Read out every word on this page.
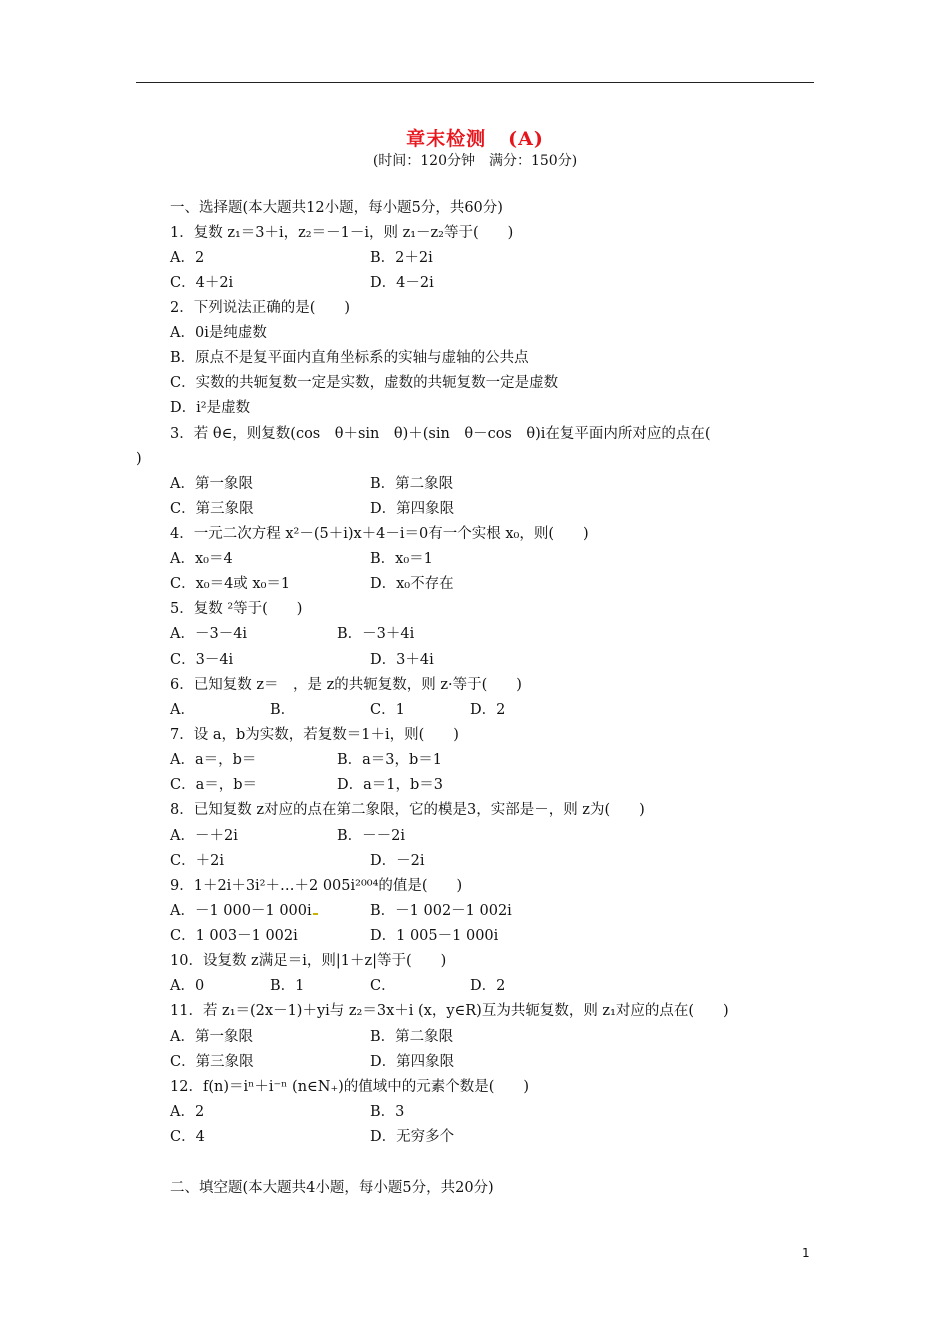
章末检测 (A)
(时间：120分钟　满分：150分)
一、选择题(本大题共12小题，每小题5分，共60分)
1．复数 z₁＝3＋i，z₂＝－1－i，则 z₁－z₂等于(　　)
A．2	B．2＋2i
C．4＋2i	D．4－2i
2．下列说法正确的是(　　)
A．0i是纯虚数
B．原点不是复平面内直角坐标系的实轴与虚轴的公共点
C．实数的共轭复数一定是实数，虚数的共轭复数一定是虚数
D．i²是虚数
3．若 θ∈，则复数(cos　θ＋sin　θ)＋(sin　θ－cos　θ)i在复平面内所对应的点在(
)
A．第一象限	B．第二象限
C．第三象限	D．第四象限
4．一元二次方程 x²－(5＋i)x＋4－i＝0有一个实根 x₀，则(　　)
A．x₀＝4	B．x₀＝1
C．x₀＝4或 x₀＝1	D．x₀不存在
5．复数 ²等于(　　)
A．－3－4i	B．－3＋4i
C．3－4i	D．3＋4i
6．已知复数 z＝　，是 z的共轭复数，则 z·等于(　　)
A．	B．	C．1	D．2
7．设 a，b为实数，若复数＝1＋i，则(　　)
A．a＝，b＝	B．a＝3，b＝1
C．a＝，b＝	D．a＝1，b＝3
8．已知复数 z对应的点在第二象限，它的模是3，实部是－，则 z为(　　)
A．－＋2i	B．－－2i
C．＋2i	D．－2i
9．1＋2i＋3i²＋…＋2 005i²⁰⁰⁴的值是(　　)
A．－1 000－1 000i	B．－1 002－1 002i
C．1 003－1 002i	D．1 005－1 000i
10．设复数 z满足＝i，则|1＋z|等于(　　)
A．0	B．1	C．	D．2
11．若 z₁＝(2x－1)＋yi与 z₂＝3x＋i (x，y∈R)互为共轭复数，则 z₁对应的点在(　　)
A．第一象限	B．第二象限
C．第三象限	D．第四象限
12．f(n)＝iⁿ＋i⁻ⁿ (n∈N₊)的值域中的元素个数是(　　)
A．2	B．3
C．4	D．无穷多个
二、填空题(本大题共4小题，每小题5分，共20分)
1
